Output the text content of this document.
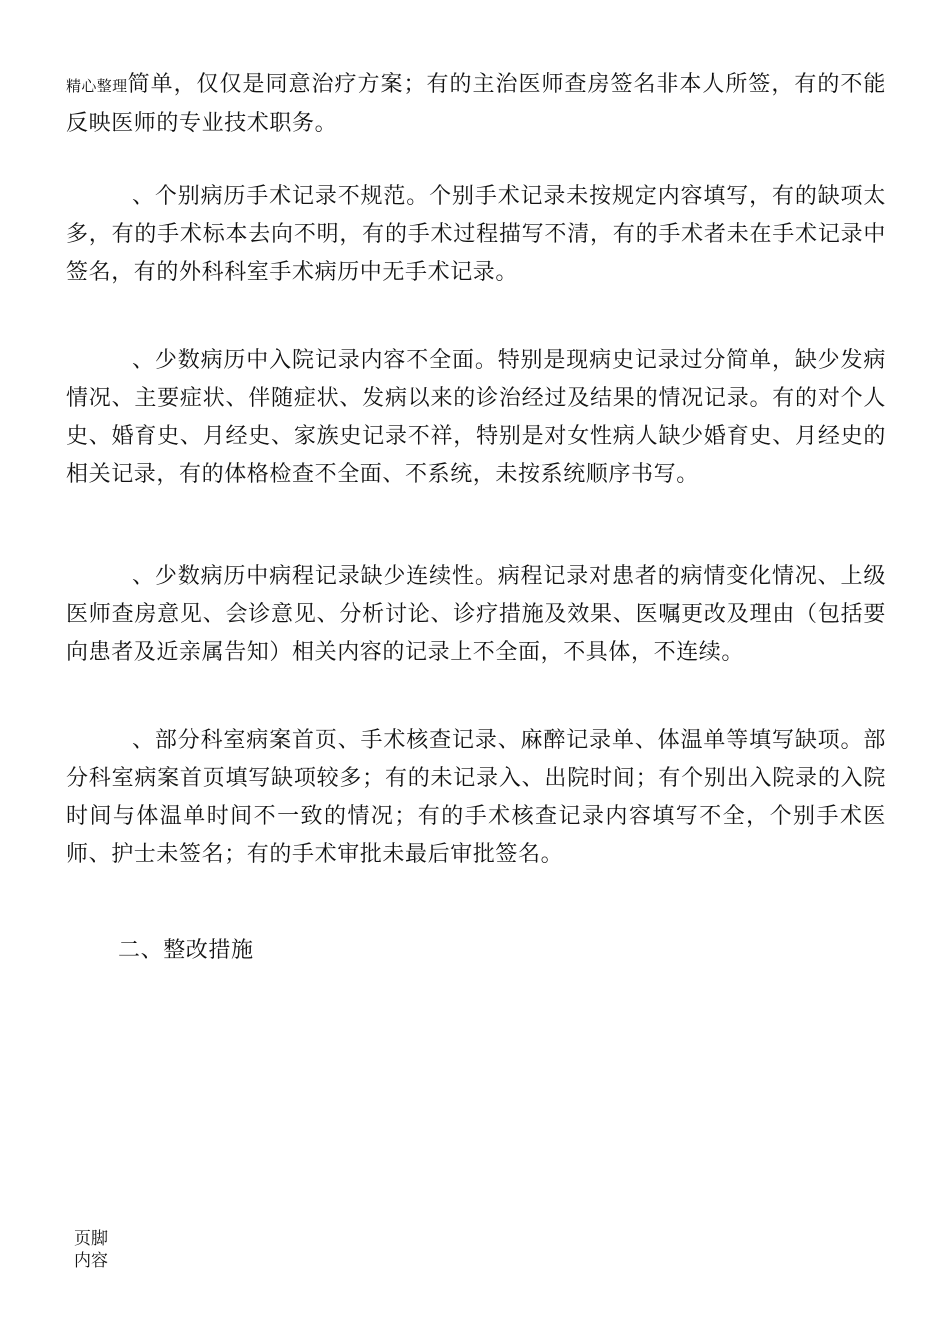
精心整理简单，仅仅是同意治疗方案；有的主治医师查房签名非本人所签，有的不能反映医师的专业技术职务。

、个别病历手术记录不规范。个别手术记录未按规定内容填写，有的缺项太多，有的手术标本去向不明，有的手术过程描写不清，有的手术者未在手术记录中签名，有的外科科室手术病历中无手术记录。

、少数病历中入院记录内容不全面。特别是现病史记录过分简单，缺少发病情况、主要症状、伴随症状、发病以来的诊治经过及结果的情况记录。有的对个人史、婚育史、月经史、家族史记录不祥，特别是对女性病人缺少婚育史、月经史的相关记录，有的体格检查不全面、不系统，未按系统顺序书写。

、少数病历中病程记录缺少连续性。病程记录对患者的病情变化情况、上级医师查房意见、会诊意见、分析讨论、诊疗措施及效果、医嘱更改及理由（包括要向患者及近亲属告知）相关内容的记录上不全面，不具体，不连续。

、部分科室病案首页、手术核查记录、麻醉记录单、体温单等填写缺项。部分科室病案首页填写缺项较多；有的未记录入、出院时间；有个别出入院录的入院时间与体温单时间不一致的情况；有的手术核查记录内容填写不全，个别手术医师、护士未签名；有的手术审批未最后审批签名。

二、整改措施
页脚内容
